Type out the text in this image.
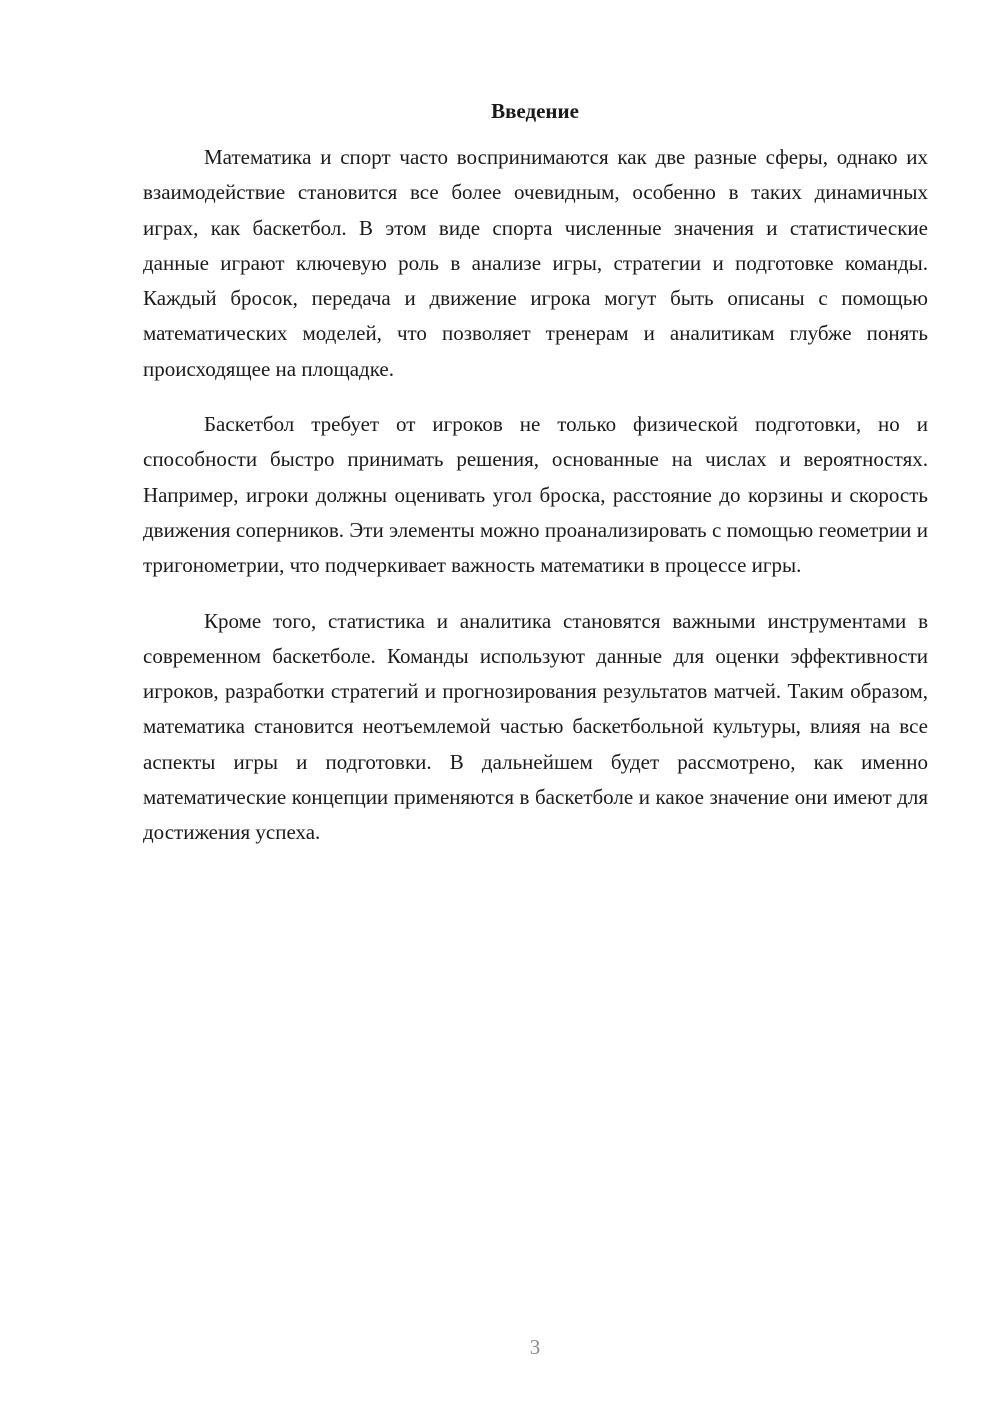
Введение

Математика и спорт часто воспринимаются как две разные сферы, однако их взаимодействие становится все более очевидным, особенно в таких динамичных играх, как баскетбол. В этом виде спорта численные значения и статистические данные играют ключевую роль в анализе игры, стратегии и подготовке команды. Каждый бросок, передача и движение игрока могут быть описаны с помощью математических моделей, что позволяет тренерам и аналитикам глубже понять происходящее на площадке.

Баскетбол требует от игроков не только физической подготовки, но и способности быстро принимать решения, основанные на числах и вероятностях. Например, игроки должны оценивать угол броска, расстояние до корзины и скорость движения соперников. Эти элементы можно проанализировать с помощью геометрии и тригонометрии, что подчеркивает важность математики в процессе игры.

Кроме того, статистика и аналитика становятся важными инструментами в современном баскетболе. Команды используют данные для оценки эффективности игроков, разработки стратегий и прогнозирования результатов матчей. Таким образом, математика становится неотъемлемой частью баскетбольной культуры, влияя на все аспекты игры и подготовки. В дальнейшем будет рассмотрено, как именно математические концепции применяются в баскетболе и какое значение они имеют для достижения успеха.

3
